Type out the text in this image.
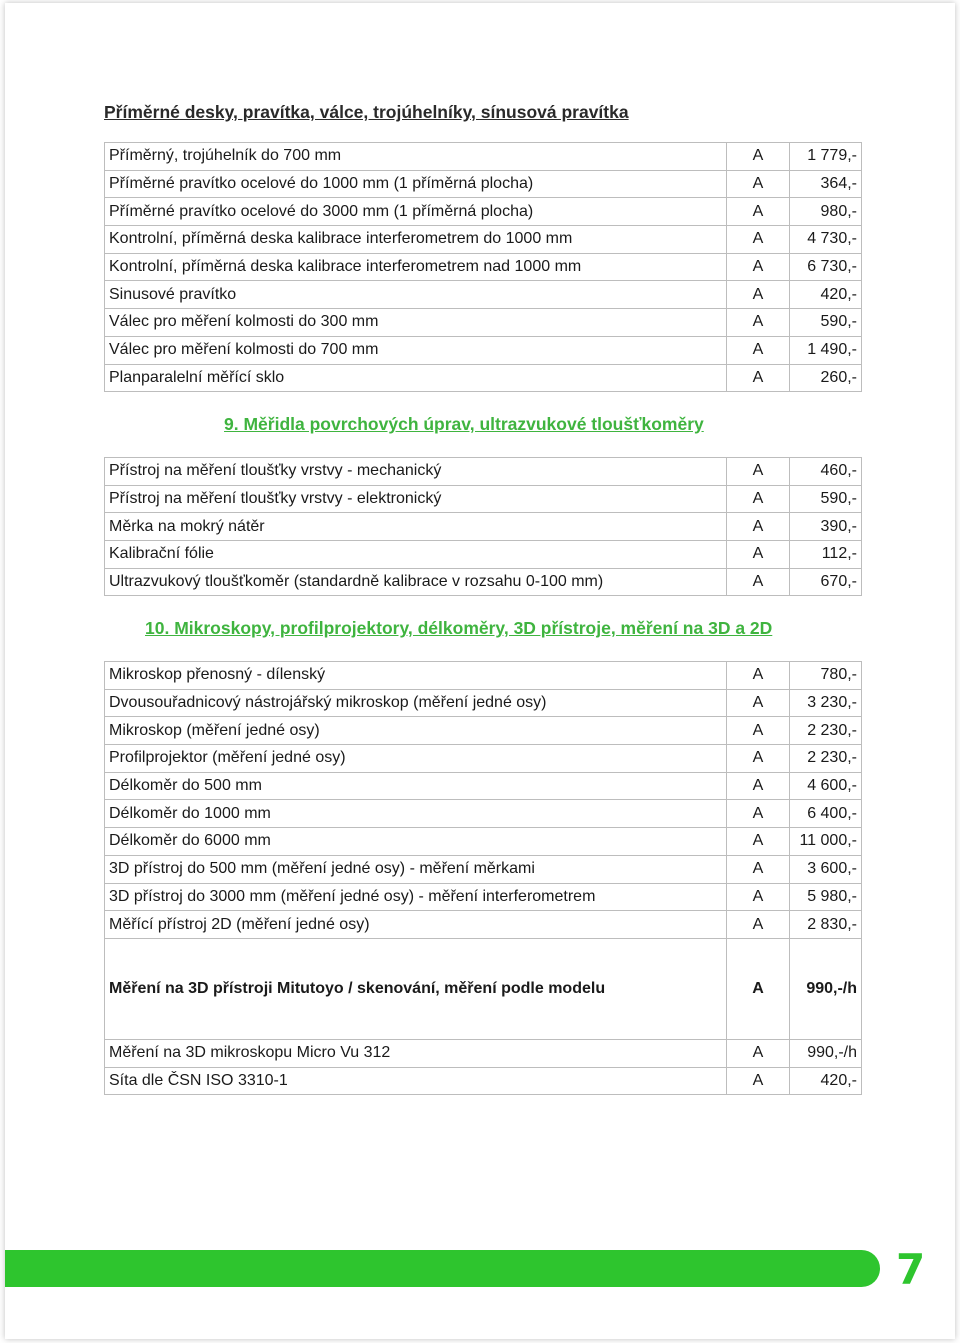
Příměrné desky, pravítka, válce, trojúhelníky, sínusová pravítka
Příměrný, trojúhelník do 700 mm	A	1 779,-
Příměrné pravítko ocelové do 1000 mm (1 příměrná plocha)	A	364,-
Příměrné pravítko ocelové do 3000 mm (1 příměrná plocha)	A	980,-
Kontrolní, příměrná deska kalibrace interferometrem do 1000 mm	A	4 730,-
Kontrolní, příměrná deska kalibrace interferometrem nad 1000 mm	A	6 730,-
Sinusové pravítko	A	420,-
Válec pro měření kolmosti do 300 mm	A	590,-
Válec pro měření kolmosti do 700 mm	A	1 490,-
Planparalelní měřící sklo	A	260,-
9. Měřidla povrchových úprav, ultrazvukové tloušťkoměry
Přístroj na měření tloušťky vrstvy - mechanický	A	460,-
Přístroj na měření tloušťky vrstvy - elektronický	A	590,-
Měrka na mokrý nátěr	A	390,-
Kalibrační fólie	A	112,-
Ultrazvukový tloušťkoměr (standardně kalibrace v rozsahu 0-100 mm)	A	670,-
10. Mikroskopy, profilprojektory, délkoměry, 3D přístroje, měření na 3D a 2D
Mikroskop přenosný - dílenský	A	780,-
Dvousouřadnicový nástrojářský mikroskop (měření jedné osy)	A	3 230,-
Mikroskop (měření jedné osy)	A	2 230,-
Profilprojektor (měření jedné osy)	A	2 230,-
Délkoměr do 500 mm	A	4 600,-
Délkoměr do 1000 mm	A	6 400,-
Délkoměr do 6000 mm	A	11 000,-
3D přístroj do 500 mm (měření jedné osy) - měření měrkami	A	3 600,-
3D přístroj do 3000 mm (měření jedné osy) - měření interferometrem	A	5 980,-
Měřící přístroj 2D (měření jedné osy)	A	2 830,-
Měření na 3D přístroji Mitutoyo / skenování, měření podle modelu	A	990,-/h
Měření na 3D mikroskopu Micro Vu 312	A	990,-/h
Síta dle ČSN ISO 3310-1	A	420,-
7
